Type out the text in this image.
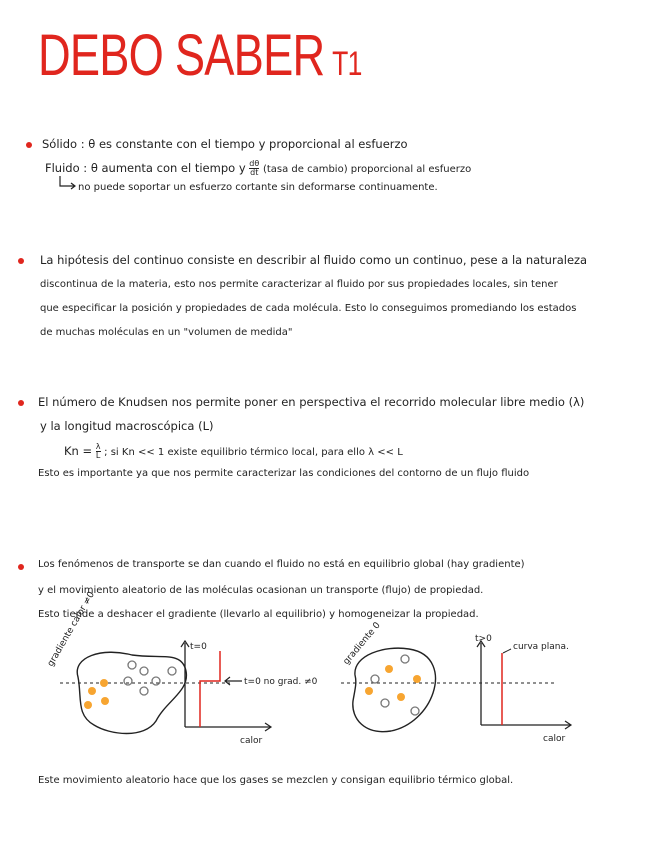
DEBO SABER T1
Sólido : θ es constante con el tiempo y proporcional al esfuerzo
Fluido : θ aumenta con el tiempo y $\frac{d\theta}{dt}$ (tasa de cambio) proporcional al esfuerzo
no puede soportar un esfuerzo cortante sin deformarse continuamente.
La hipótesis del continuo consiste en describir al fluido como un continuo, pese a la naturaleza
discontinua de la materia, esto nos permite caracterizar al fluido por sus propiedades locales, sin tener
que especificar la posición y propiedades de cada molécula. Esto lo conseguimos promediando los estados
de muchas moléculas en un "volumen de medida"
El número de Knudsen nos permite poner en perspectiva el recorrido molecular libre medio (λ)
y la longitud macroscópica (L)
$Kn = \frac{\lambda}{L}$ ; si Kn << 1 existe equilibrio térmico local, para ello λ << L
Esto es importante ya que nos permite caracterizar las condiciones del contorno de un flujo fluido
Los fenómenos de transporte se dan cuando el fluido no está en equilibrio global (hay gradiente)
y el movimiento aleatorio de las moléculas ocasionan un transporte (flujo) de propiedad.
Esto tiende a deshacer el gradiente (llevarlo al equilibrio) y homogeneizar la propiedad.
gradiente calor ≠0	t=0
calor
t=0 no grad. ≠0
gradiente 0	t>0
calor
curva plana.
Este movimiento aleatorio hace que los gases se mezclen y consigan equilibrio térmico global.
